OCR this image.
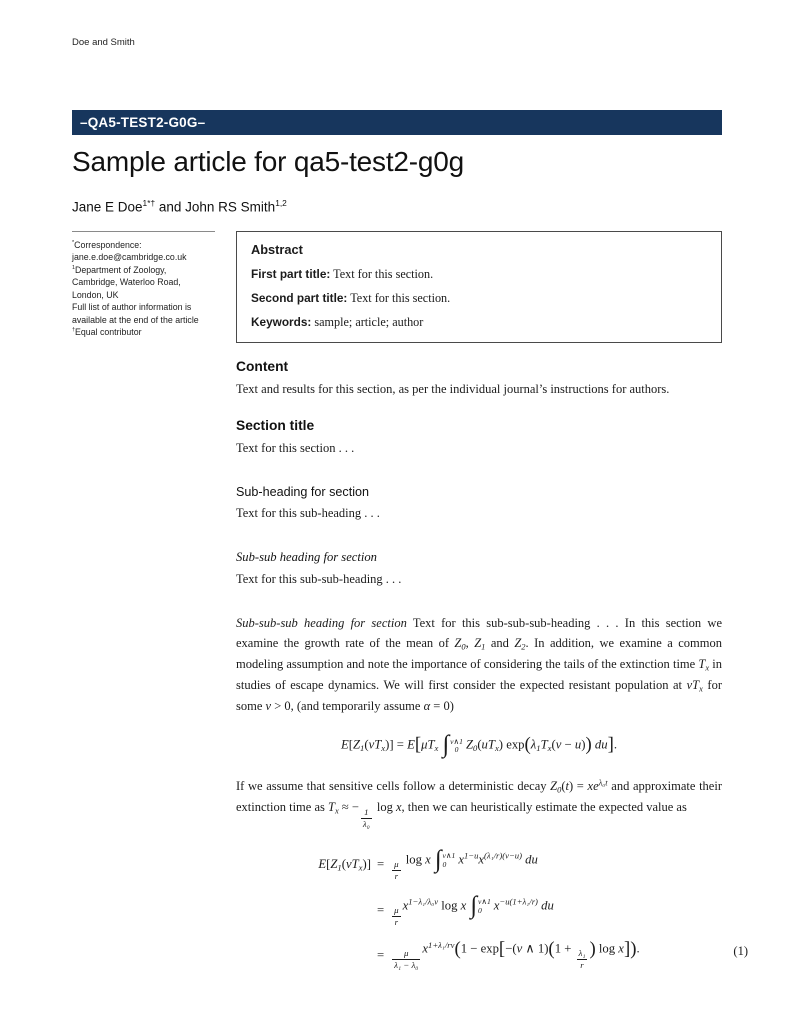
Doe and Smith
–QA5-TEST2-G0G–
Sample article for qa5-test2-g0g
Jane E Doe$^{1*\dagger}$ and John RS Smith$^{1,2}$
*Correspondence:
jane.e.doe@cambridge.co.uk
$^1$Department of Zoology,
Cambridge, Waterloo Road,
London, UK
Full list of author information is available at the end of the article
†Equal contributor
Abstract
First part title: Text for this section.
Second part title: Text for this section.
Keywords: sample; article; author
Content

Text and results for this section, as per the individual journal’s instructions for authors.

Section title

Text for this section . . .

Sub-heading for section

Text for this sub-heading . . .

Sub-sub heading for section

Text for this sub-sub-heading . . .

Sub-sub-sub heading for section Text for this sub-sub-sub-heading . . . In this section we examine the growth rate of the mean of $Z_0$, $Z_1$ and $Z_2$. In addition, we examine a common modeling assumption and note the importance of considering the tails of the extinction time $T_x$ in studies of escape dynamics. We will first consider the expected resistant population at $vT_x$ for some v > 0, (and temporarily assume α = 0)

$E[Z_1(vT_x)] = E[\mu T_x$ ∫ v∧1
0 $Z_0(uT_x) \exp(\lambda_1T_x(v - u))$ du].

If we assume that sensitive cells follow a deterministic decay $Z_0(t) = xe^{\lambda_0t}$ and approximate their extinction time as $T_x$ ≈ − $\frac{1}{\text{λ₀}}$ log x, then we can heuristically estimate the expected value as

$E[Z_1(vT_x)]$	=	$\frac{\mu}{r}$ log x ∫ v∧1
0 $x^{1-u}x^{(\lambda_1/r)(v-u)}$ du
	=	$\frac{\mu}{r} x^{1-\lambda_1/\lambda_0v}$ log x ∫ v∧1
0 $x^{-u(1+\lambda_1/r)}$ du
	=	$\frac{\mu}{\text{λ₁ − λ₀}} x^{1+\lambda_1/rv}(1 - \exp[-(v$ ∧ $1)(1 + \frac{\text{λ₁}}{r}$ ) log x]).	(1)
